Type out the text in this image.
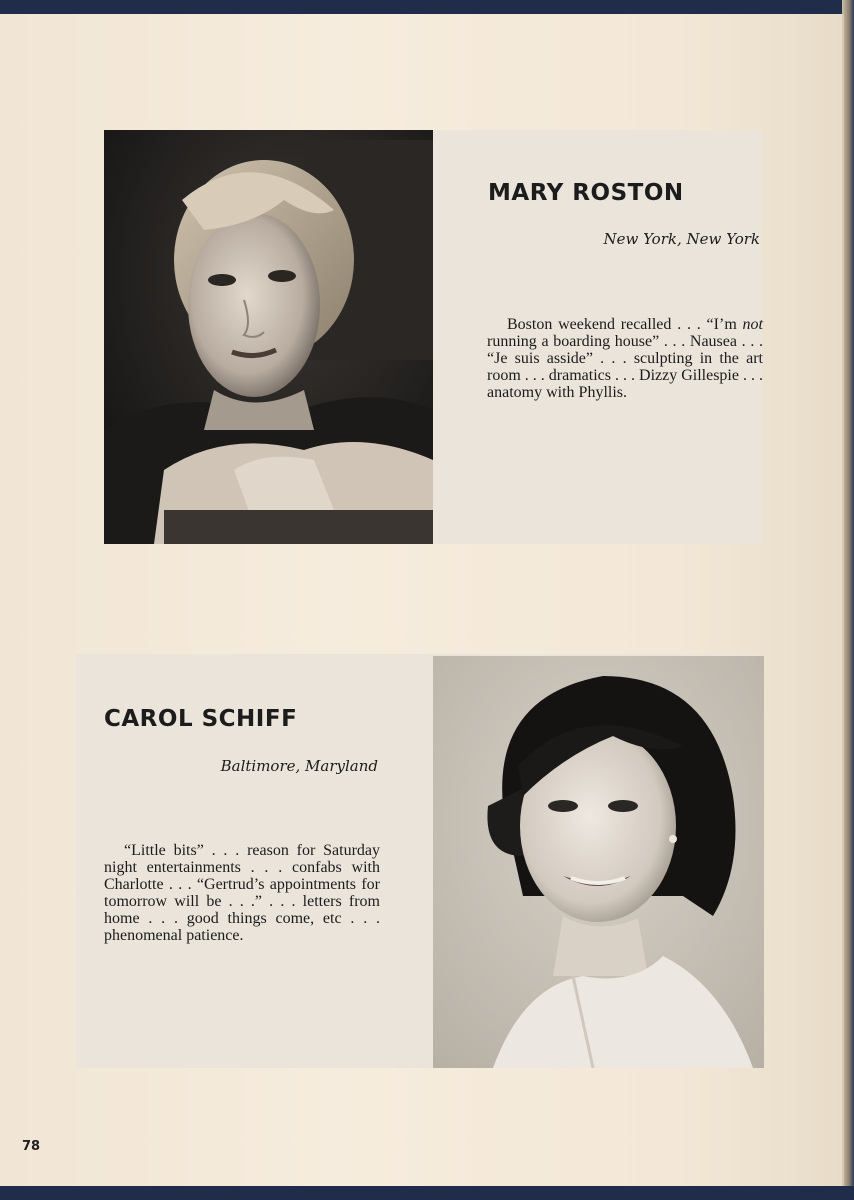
MARY ROSTON

New York, New York

Boston weekend recalled . . . “I’m not running a boarding house” . . . Nausea . . . “Je suis asside” . . . sculpting in the art room . . . dramatics . . . Dizzy Gillespie . . . anatomy with Phyllis.

CAROL SCHIFF

Baltimore, Maryland

“Little bits” . . . reason for Saturday night entertainments . . . confabs with Charlotte . . . “Gertrud’s appointments for tomorrow will be . . .” . . . letters from home . . . good things come, etc . . . phenomenal patience.

78
